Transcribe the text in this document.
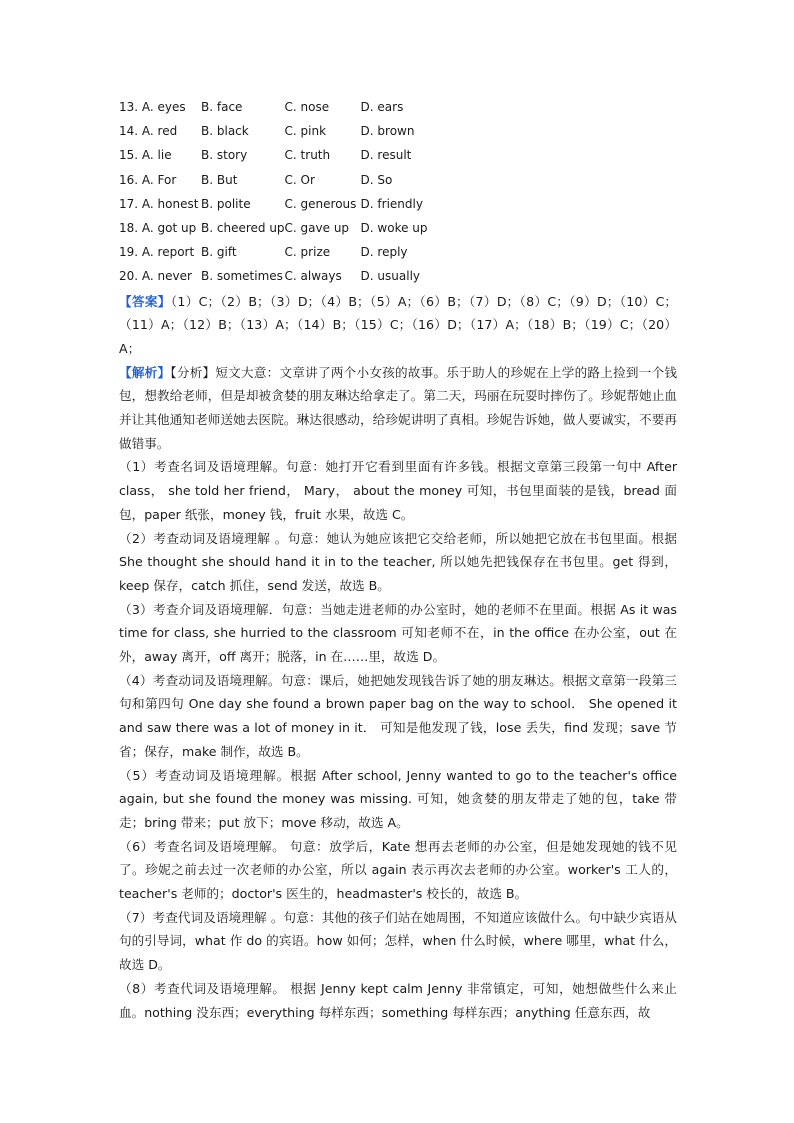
13. A. eyes	B. face	C. nose	D. ears
14. A. red	B. black	C. pink	D. brown
15. A. lie	B. story	C. truth	D. result
16. A. For	B. But	C. Or	D. So
17. A. honest	B. polite	C. generous	D. friendly
18. A. got up	B. cheered up	C. gave up	D. woke up
19. A. report	B. gift	C. prize	D. reply
20. A. never	B. sometimes	C. always	D. usually

【答案】（1）C；（2）B；（3）D；（4）B；（5）A；（6）B；（7）D；（8）C；（9）D；（10）C；（11）A；（12）B；（13）A；（14）B；（15）C；（16）D；（17）A；（18）B；（19）C；（20）A；

【解析】【分析】短文大意：文章讲了两个小女孩的故事。乐于助人的珍妮在上学的路上捡到一个钱包，想教给老师，但是却被贪婪的朋友琳达给拿走了。第二天，玛丽在玩耍时摔伤了。珍妮帮她止血并让其他通知老师送她去医院。琳达很感动，给珍妮讲明了真相。珍妮告诉她，做人要诚实，不要再做错事。

（1）考查名词及语境理解。句意：她打开它看到里面有许多钱。根据文章第三段第一句中 After class， she told her friend， Mary， about the money 可知，书包里面装的是钱，bread 面包，paper 纸张，money 钱，fruit 水果，故选 C。

（2）考查动词及语境理解 。句意：她认为她应该把它交给老师，所以她把它放在书包里面。根据 She thought she should hand it in to the teacher, 所以她先把钱保存在书包里。get 得到，keep 保存，catch 抓住，send 发送，故选 B。

（3）考查介词及语境理解．句意：当她走进老师的办公室时，她的老师不在里面。根据 As it was time for class, she hurried to the classroom 可知老师不在，in the office 在办公室，out 在外，away 离开，off 离开；脱落，in 在……里，故选 D。

（4）考查动词及语境理解。句意：课后，她把她发现钱告诉了她的朋友琳达。根据文章第一段第三句和第四句 One day she found a brown paper bag on the way to school． She opened it and saw there was a lot of money in it． 可知是他发现了钱，lose 丢失，find 发现；save 节省；保存，make 制作，故选 B。

（5）考查动词及语境理解。根据 After school, Jenny wanted to go to the teacher's office again, but she found the money was missing. 可知，她贪婪的朋友带走了她的包，take 带走；bring 带来；put 放下；move 移动，故选 A。

（6）考查名词及语境理解。 句意：放学后，Kate 想再去老师的办公室，但是她发现她的钱不见了。珍妮之前去过一次老师的办公室，所以 again 表示再次去老师的办公室。worker's 工人的，teacher's 老师的；doctor's 医生的，headmaster's 校长的，故选 B。

（7）考查代词及语境理解 。句意：其他的孩子们站在她周围，不知道应该做什么。句中缺少宾语从句的引导词，what 作 do 的宾语。how 如何；怎样，when 什么时候，where 哪里，what 什么，故选 D。

（8）考查代词及语境理解。 根据 Jenny kept calm Jenny 非常镇定，可知，她想做些什么来止血。nothing 没东西；everything 每样东西；something 每样东西；anything 任意东西，故
